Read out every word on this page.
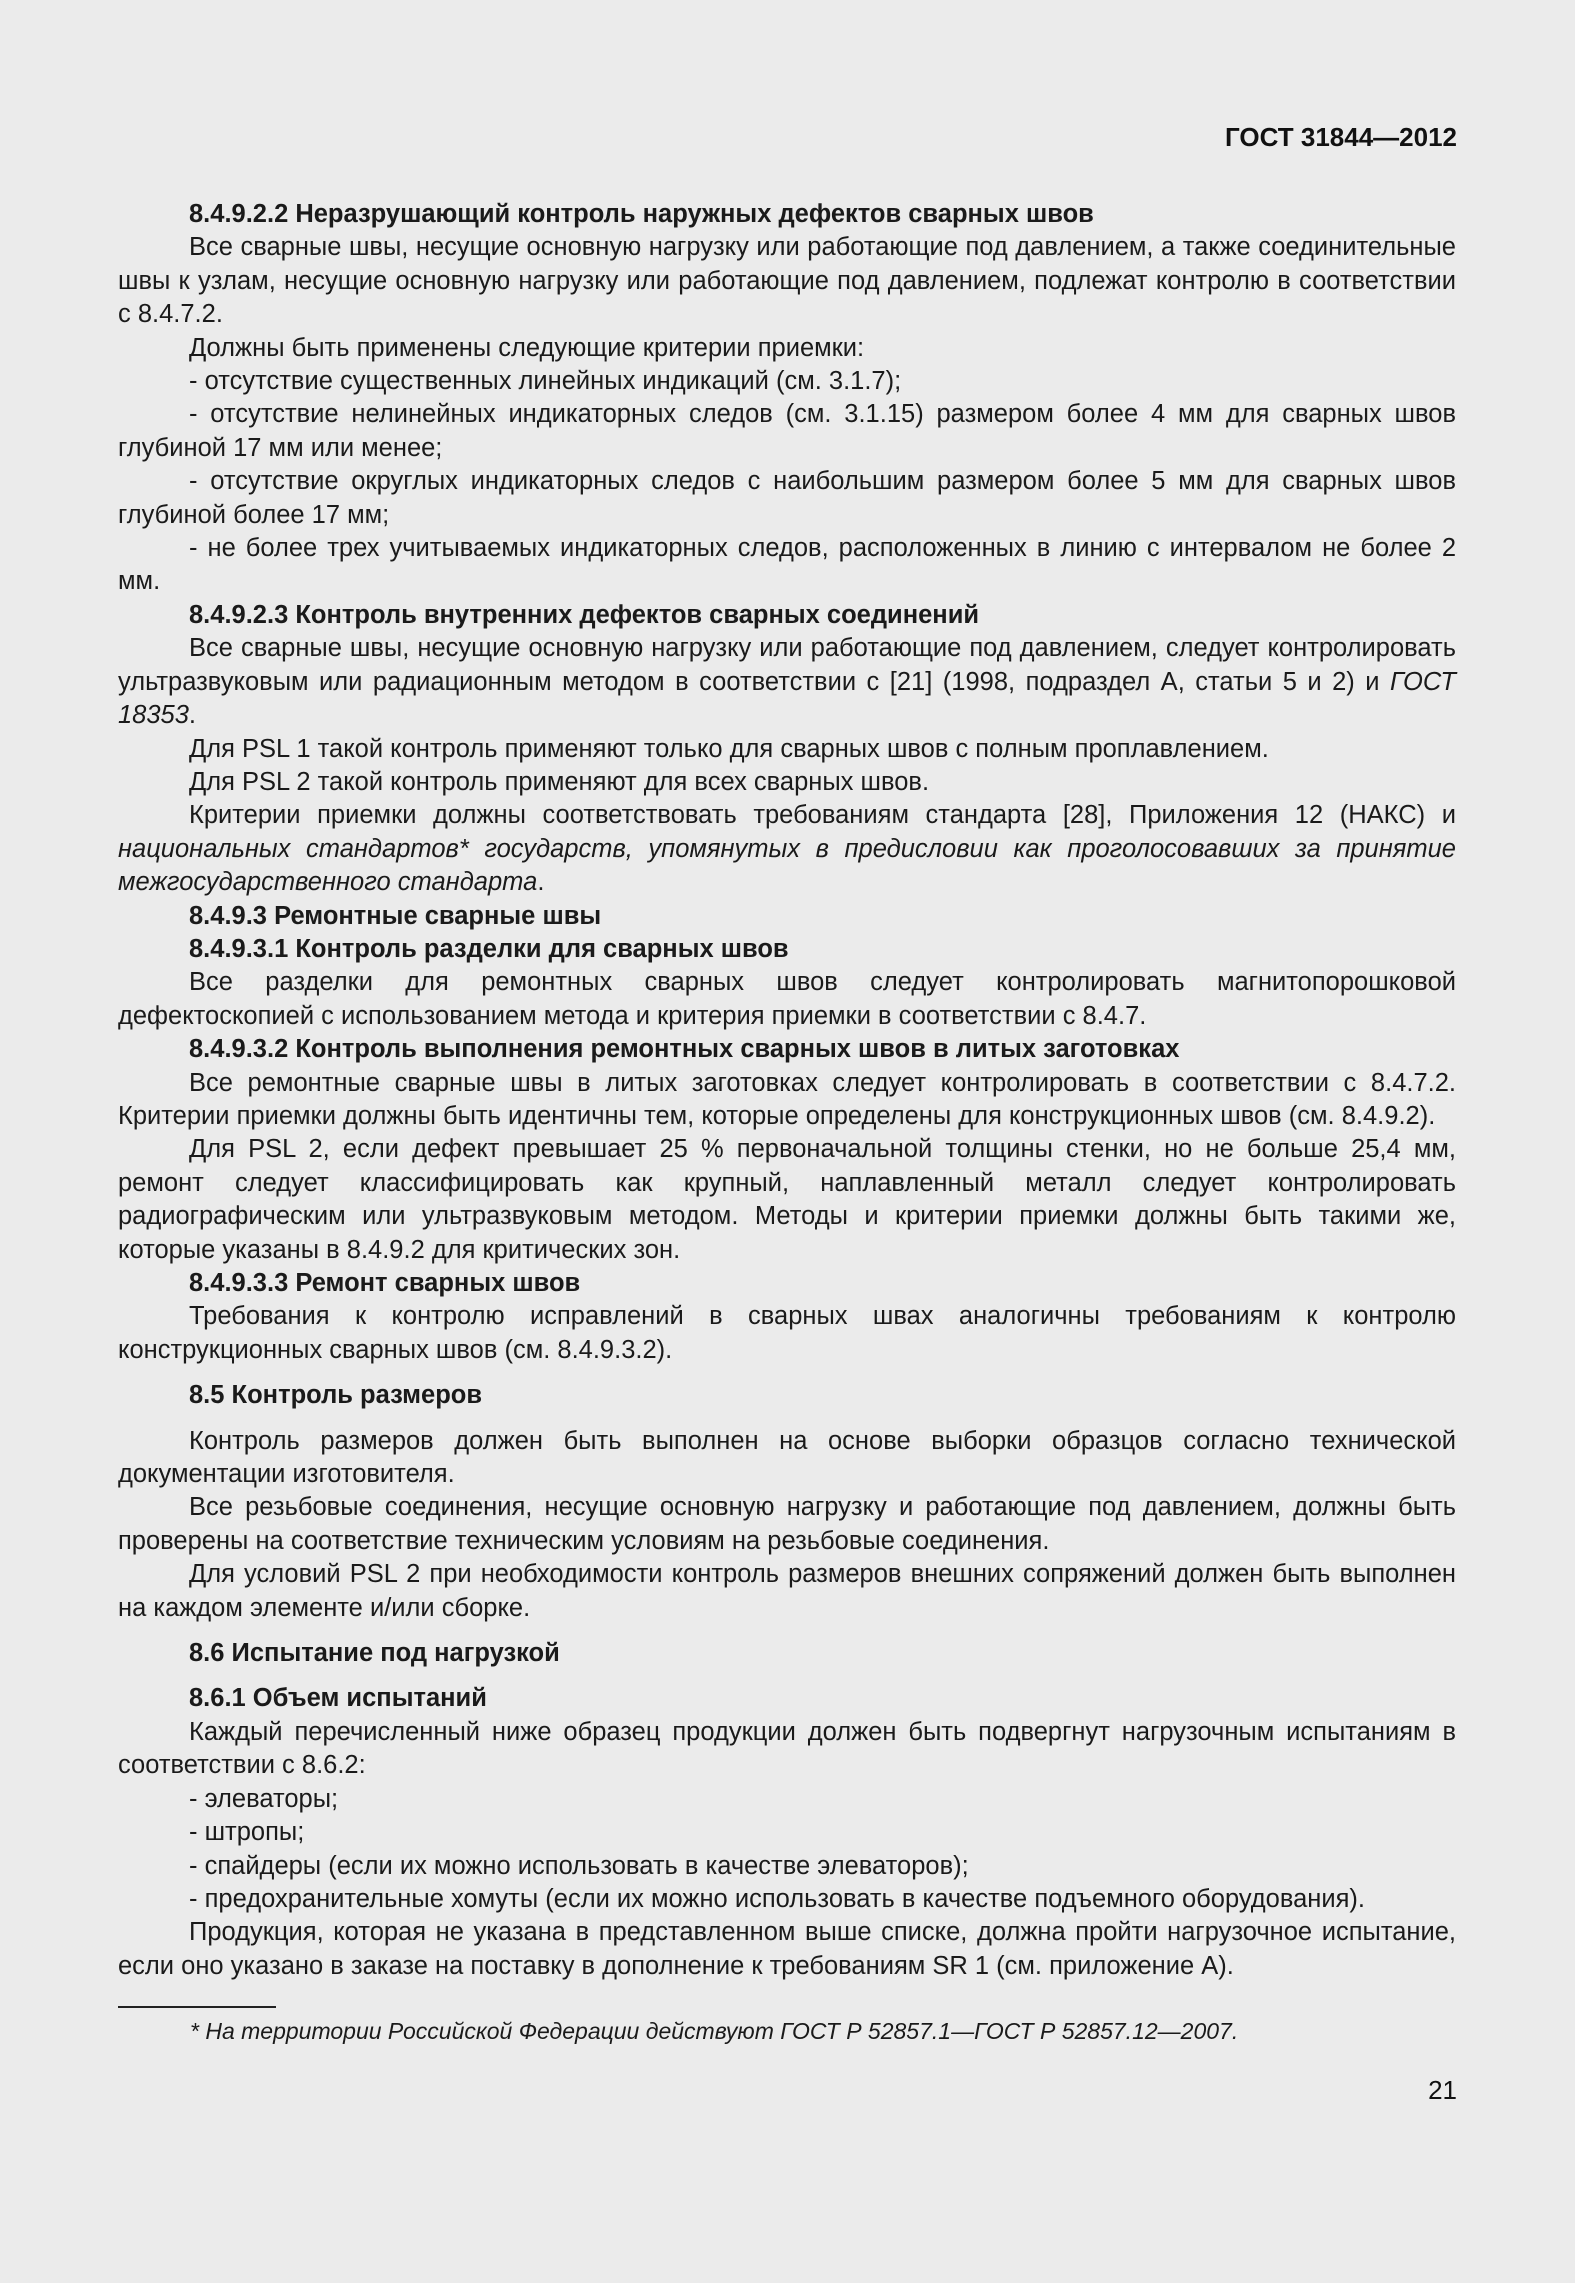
ГОСТ 31844—2012

8.4.9.2.2 Неразрушающий контроль наружных дефектов сварных швов

Все сварные швы, несущие основную нагрузку или работающие под давлением, а также соединительные швы к узлам, несущие основную нагрузку или работающие под давлением, подлежат контролю в соответствии с 8.4.7.2.

Должны быть применены следующие критерии приемки:

- отсутствие существенных линейных индикаций (см. 3.1.7);

- отсутствие нелинейных индикаторных следов (см. 3.1.15) размером более 4 мм для сварных швов глубиной 17 мм или менее;

- отсутствие округлых индикаторных следов с наибольшим размером более 5 мм для сварных швов глубиной более 17 мм;

- не более трех учитываемых индикаторных следов, расположенных в линию с интервалом не более 2 мм.

8.4.9.2.3 Контроль внутренних дефектов сварных соединений

Все сварные швы, несущие основную нагрузку или работающие под давлением, следует контролировать ультразвуковым или радиационным методом в соответствии с [21] (1998, подраздел А, статьи 5 и 2) и ГОСТ 18353.

Для PSL 1 такой контроль применяют только для сварных швов с полным проплавлением.

Для PSL 2 такой контроль применяют для всех сварных швов.

Критерии приемки должны соответствовать требованиям стандарта [28], Приложения 12 (НАКС) и национальных стандартов* государств, упомянутых в предисловии как проголосовавших за принятие межгосударственного стандарта.

8.4.9.3 Ремонтные сварные швы

8.4.9.3.1 Контроль разделки для сварных швов

Все разделки для ремонтных сварных швов следует контролировать магнитопорошковой дефектоскопией с использованием метода и критерия приемки в соответствии с 8.4.7.

8.4.9.3.2 Контроль выполнения ремонтных сварных швов в литых заготовках

Все ремонтные сварные швы в литых заготовках следует контролировать в соответствии с 8.4.7.2. Критерии приемки должны быть идентичны тем, которые определены для конструкционных швов (см. 8.4.9.2).

Для PSL 2, если дефект превышает 25 % первоначальной толщины стенки, но не больше 25,4 мм, ремонт следует классифицировать как крупный, наплавленный металл следует контролировать радиографическим или ультразвуковым методом. Методы и критерии приемки должны быть такими же, которые указаны в 8.4.9.2 для критических зон.

8.4.9.3.3 Ремонт сварных швов

Требования к контролю исправлений в сварных швах аналогичны требованиям к контролю конструкционных сварных швов (см. 8.4.9.3.2).

8.5 Контроль размеров

Контроль размеров должен быть выполнен на основе выборки образцов согласно технической документации изготовителя.

Все резьбовые соединения, несущие основную нагрузку и работающие под давлением, должны быть проверены на соответствие техническим условиям на резьбовые соединения.

Для условий PSL 2 при необходимости контроль размеров внешних сопряжений должен быть выполнен на каждом элементе и/или сборке.

8.6 Испытание под нагрузкой

8.6.1 Объем испытаний

Каждый перечисленный ниже образец продукции должен быть подвергнут нагрузочным испытаниям в соответствии с 8.6.2:

- элеваторы;

- штропы;

- спайдеры (если их можно использовать в качестве элеваторов);

- предохранительные хомуты (если их можно использовать в качестве подъемного оборудования).

Продукция, которая не указана в представленном выше списке, должна пройти нагрузочное испытание, если оно указано в заказе на поставку в дополнение к требованиям SR 1 (см. приложение А).

* На территории Российской Федерации действуют ГОСТ Р 52857.1—ГОСТ Р 52857.12—2007.
21
